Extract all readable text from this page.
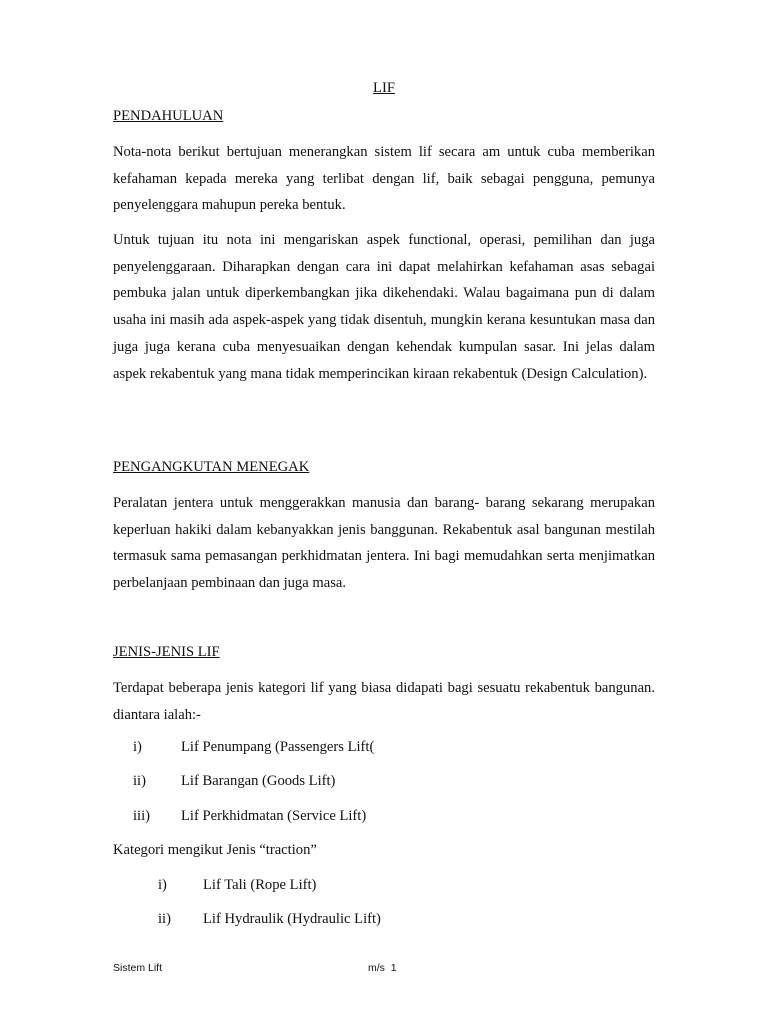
LIF
PENDAHULUAN

Nota-nota berikut bertujuan menerangkan sistem lif secara am untuk cuba memberikan kefahaman kepada mereka yang terlibat dengan lif, baik sebagai pengguna, pemunya penyelenggara mahupun pereka bentuk.

Untuk tujuan itu nota ini mengariskan aspek functional, operasi, pemilihan dan juga penyelenggaraan. Diharapkan dengan cara ini dapat melahirkan kefahaman asas sebagai pembuka jalan untuk diperkembangkan jika dikehendaki. Walau bagaimana pun di dalam usaha ini masih ada aspek-aspek yang tidak disentuh, mungkin kerana kesuntukan masa dan juga juga kerana cuba menyesuaikan dengan kehendak kumpulan sasar. Ini jelas dalam aspek rekabentuk yang mana tidak memperincikan kiraan rekabentuk (Design Calculation).

PENGANGKUTAN MENEGAK

Peralatan jentera untuk menggerakkan manusia dan barang- barang sekarang merupakan keperluan hakiki dalam kebanyakkan jenis banggunan. Rekabentuk asal bangunan mestilah termasuk sama pemasangan perkhidmatan jentera. Ini bagi memudahkan serta menjimatkan perbelanjaan pembinaan dan juga masa.

JENIS-JENIS LIF

Terdapat beberapa jenis kategori lif yang biasa didapati bagi sesuatu rekabentuk bangunan. diantara ialah:-

i)	Lif Penumpang (Passengers Lift(
ii) Lif Barangan (Goods Lift)
iii) Lif Perkhidmatan (Service Lift)
Kategori mengikut Jenis “traction”
i) Lif Tali (Rope Lift)
ii) Lif Hydraulik (Hydraulic Lift)
Sistem Lift	m/s  1
